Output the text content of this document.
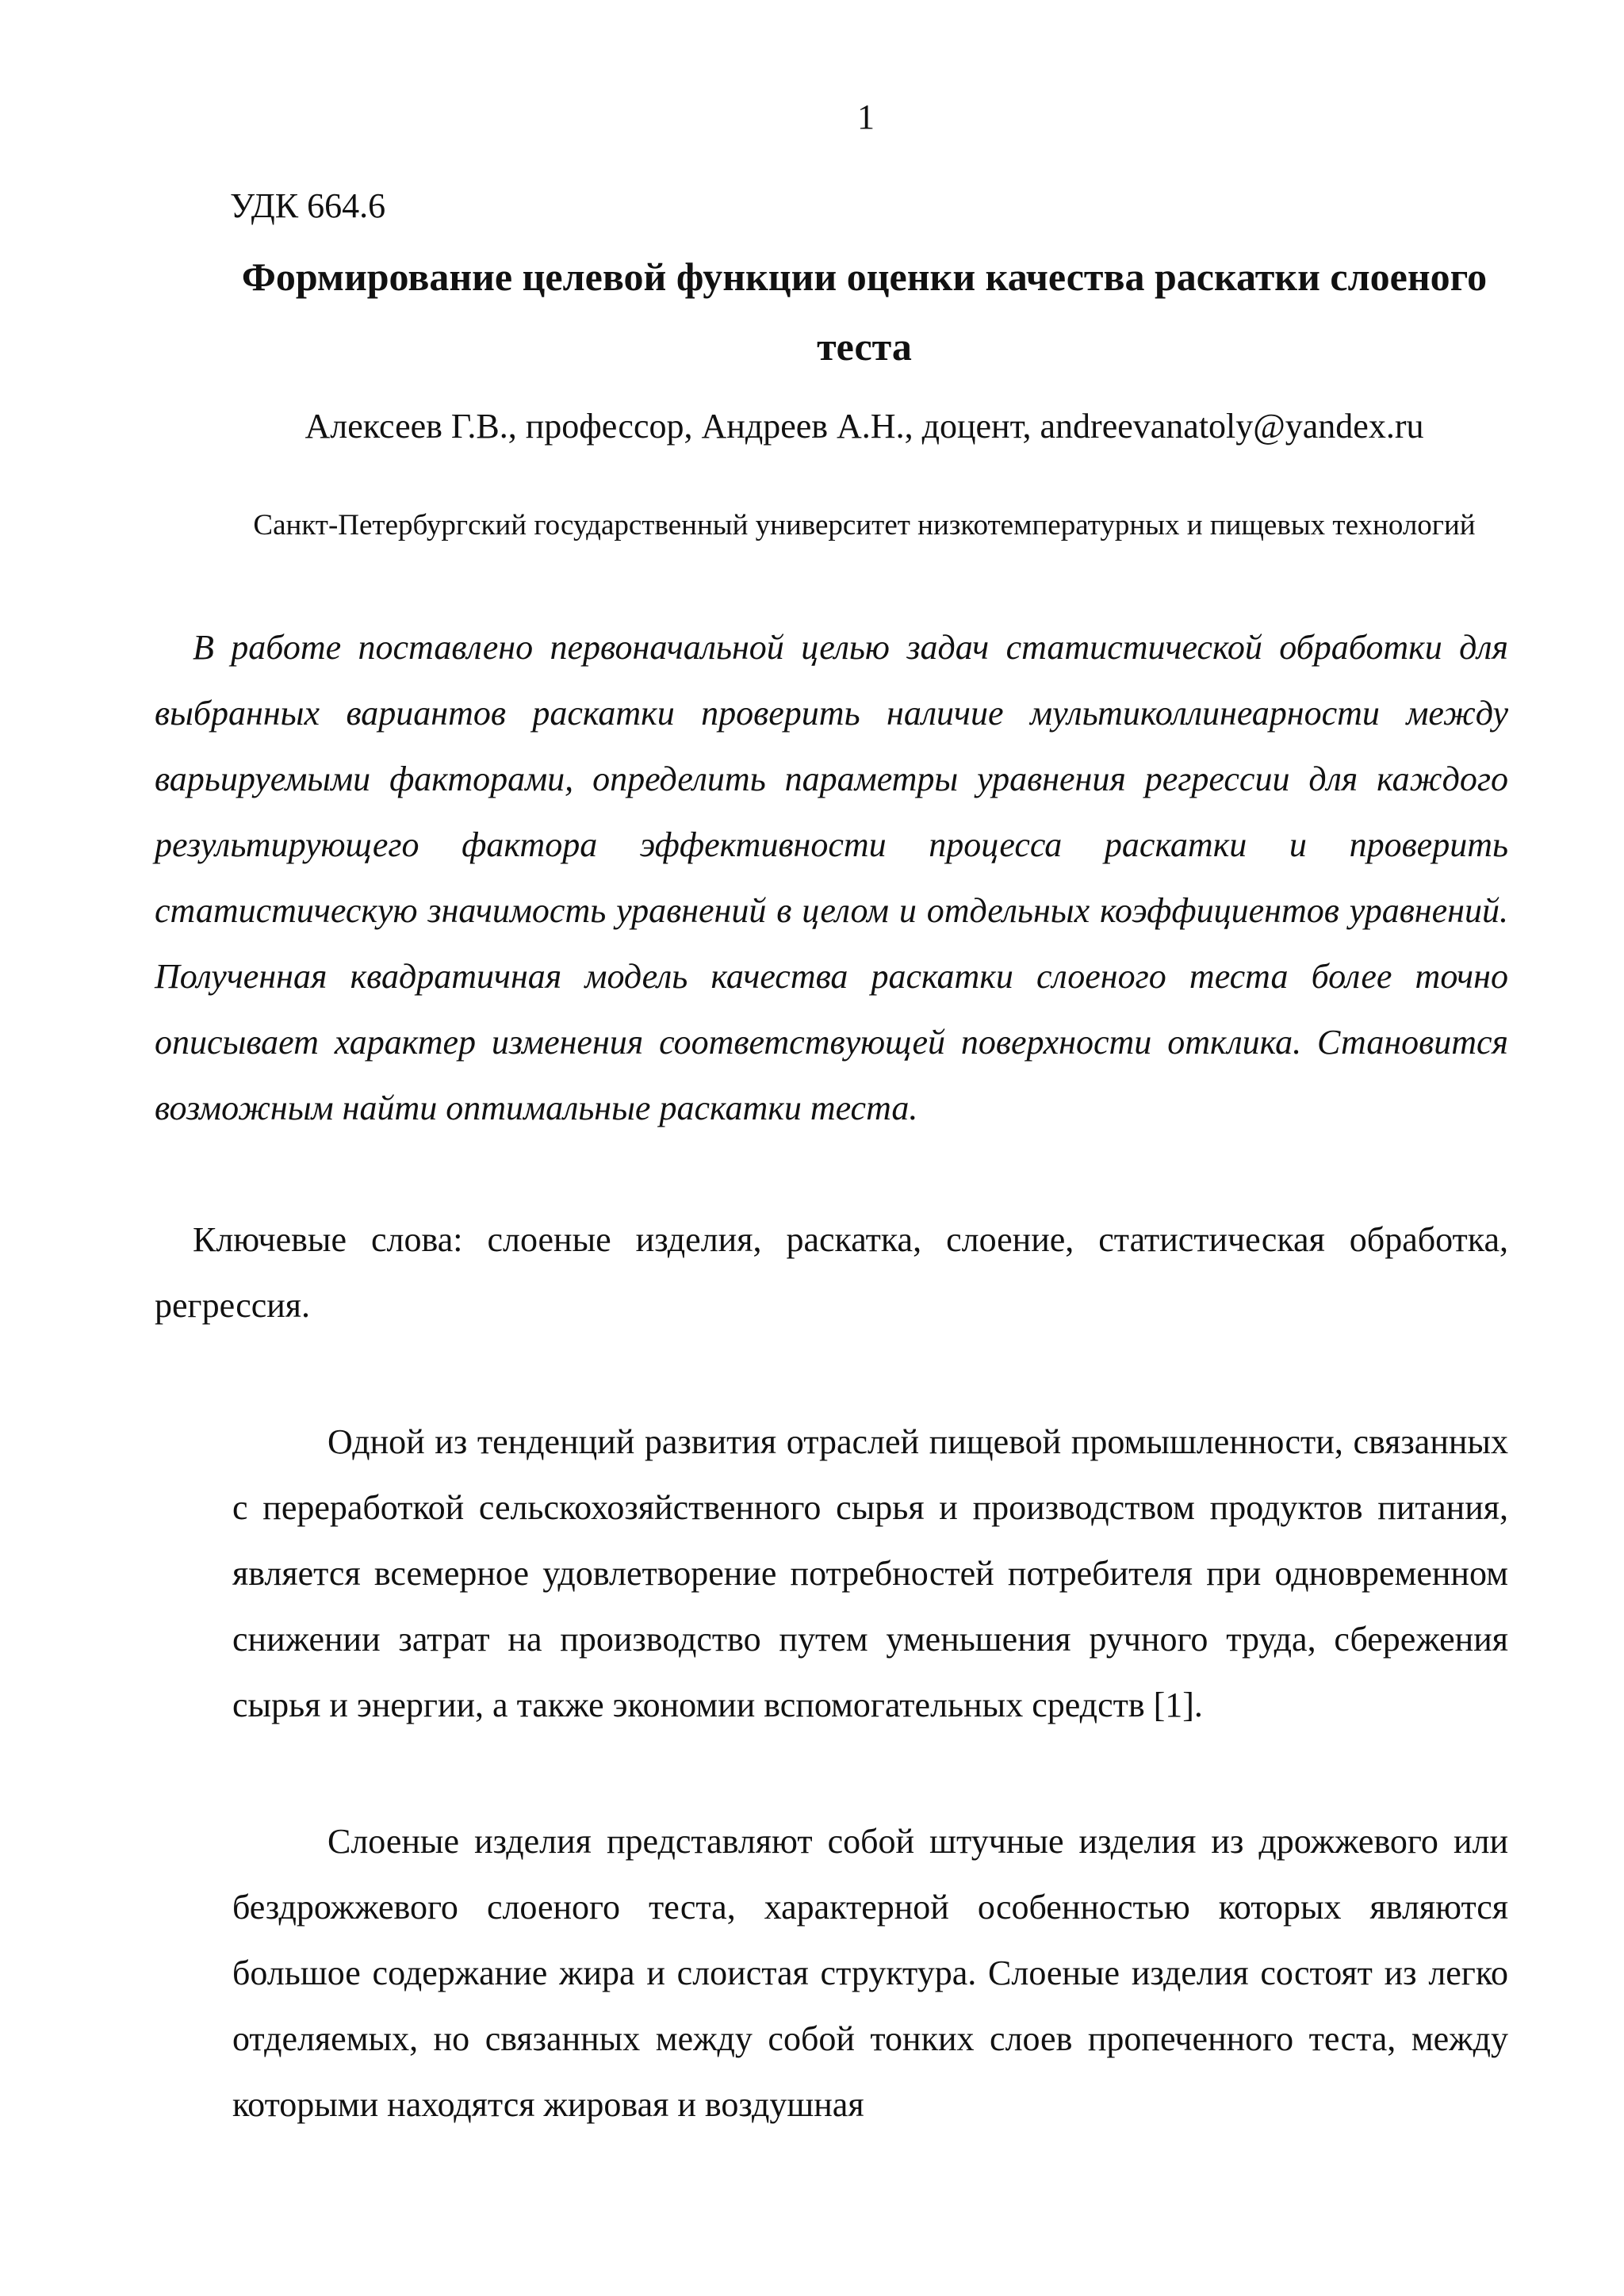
1
УДК 664.6
Формирование целевой функции оценки качества раскатки слоеного теста
Алексеев Г.В., профессор, Андреев А.Н., доцент, andreevanatoly@yandex.ru
Санкт-Петербургский государственный университет низкотемпературных и пищевых технологий

В работе поставлено первоначальной целью задач статистической обработки для выбранных вариантов раскатки проверить наличие мультиколлинеарности между варьируемыми факторами, определить параметры уравнения регрессии для каждого результирующего фактора эффективности процесса раскатки и проверить статистическую значимость уравнений в целом и отдельных коэффициентов уравнений. Полученная квадратичная модель качества раскатки слоеного теста более точно описывает характер изменения соответствующей поверхности отклика. Становится возможным найти оптимальные раскатки теста.

Ключевые слова: слоеные изделия, раскатка, слоение, статистическая обработка, регрессия.

Одной из тенденций развития отраслей пищевой промышленности, связанных с переработкой сельскохозяйственного сырья и производством продуктов питания, является всемерное удовлетворение потребностей потребителя при одновременном снижении затрат на производство путем уменьшения ручного труда, сбережения сырья и энергии, а также экономии вспомогательных средств [1].

Слоеные изделия представляют собой штучные изделия из дрожжевого или бездрожжевого слоеного теста, характерной особенностью которых являются большое содержание жира и слоистая структура. Слоеные изделия состоят из легко отделяемых, но связанных между собой тонких слоев пропеченного теста, между которыми находятся жировая и воздушная
